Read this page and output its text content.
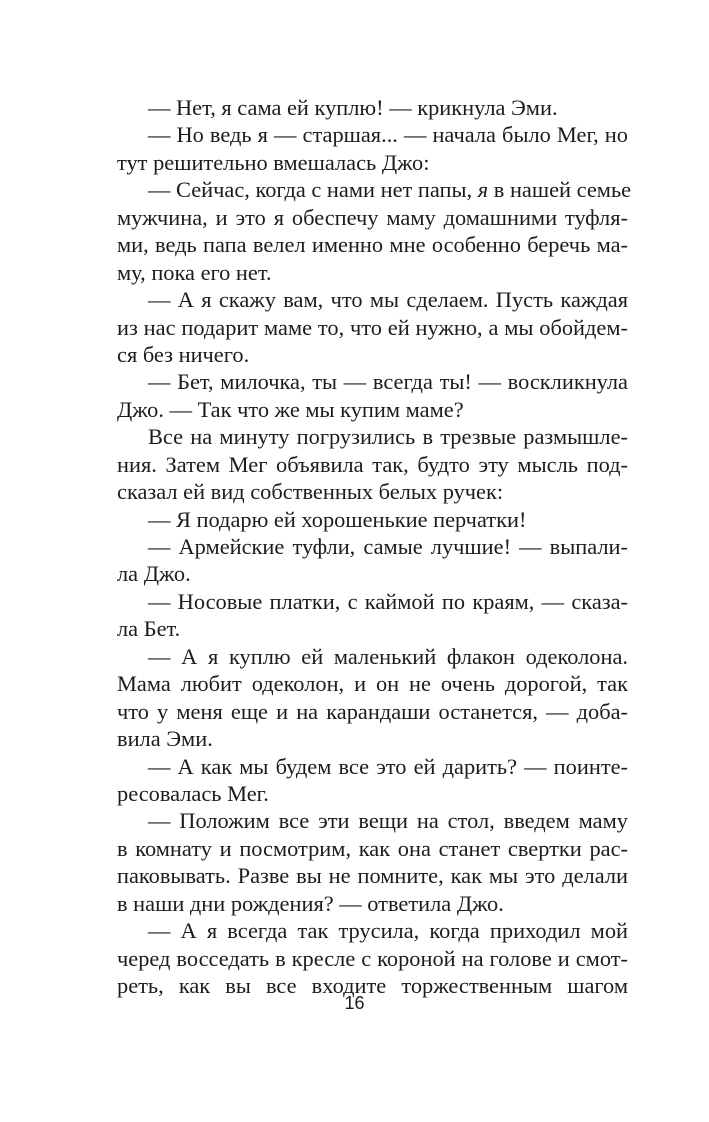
— Нет, я сама ей куплю! — крикнула Эми.
— Но ведь я — старшая... — начала было Мег, но
тут решительно вмешалась Джо:
— Сейчас, когда с нами нет папы, я в нашей семье
мужчина, и это я обеспечу маму домашними туфля-
ми, ведь папа велел именно мне особенно беречь ма-
му, пока его нет.
— А я скажу вам, что мы сделаем. Пусть каждая
из нас подарит маме то, что ей нужно, а мы обойдем-
ся без ничего.
— Бет, милочка, ты — всегда ты! — воскликнула
Джо. — Так что же мы купим маме?
Все на минуту погрузились в трезвые размышле-
ния. Затем Мег объявила так, будто эту мысль под-
сказал ей вид собственных белых ручек:
— Я подарю ей хорошенькие перчатки!
— Армейские туфли, самые лучшие! — выпали-
ла Джо.
— Носовые платки, с каймой по краям, — сказа-
ла Бет.
— А я куплю ей маленький флакон одеколона.
Мама любит одеколон, и он не очень дорогой, так
что у меня еще и на карандаши останется, — доба-
вила Эми.
— А как мы будем все это ей дарить? — поинте-
ресовалась Мег.
— Положим все эти вещи на стол, введем маму
в комнату и посмотрим, как она станет свертки рас-
паковывать. Разве вы не помните, как мы это делали
в наши дни рождения? — ответила Джо.
— А я всегда так трусила, когда приходил мой
черед восседать в кресле с короной на голове и смот-
реть, как вы все входите торжественным шагом
16
